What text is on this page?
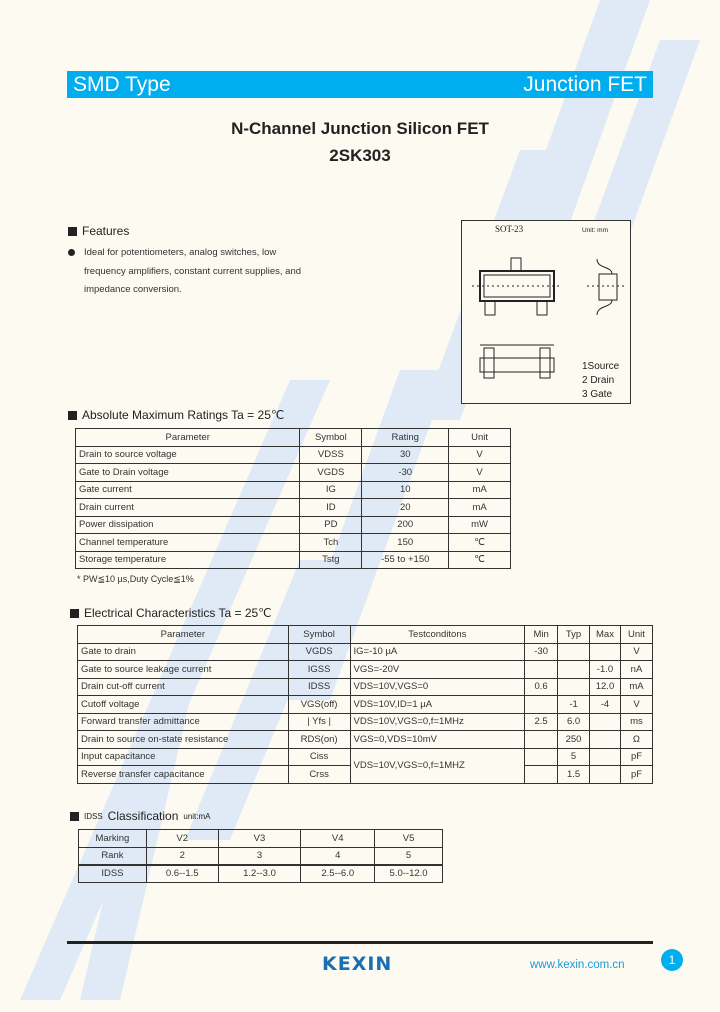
SMD Type	Junction FET
N-Channel Junction Silicon FET
2SK303
Features

Ideal for potentiometers, analog switches, low frequency amplifiers, constant current supplies, and impedance conversion.

SOT-23	Unit: mm
1Source
2 Drain
3 Gate
Absolute Maximum Ratings Ta = 25℃
Parameter	Symbol	Rating	Unit
Drain to source voltage	VDSS	30	V
Gate to Drain voltage	VGDS	-30	V
Gate current	IG	10	mA
Drain current	ID	20	mA
Power dissipation	PD	200	mW
Channel temperature	Tch	150	℃
Storage temperature	Tstg	-55 to +150	℃
* PW≦10 µs,Duty Cycle≦1%
Electrical Characteristics Ta = 25℃
Parameter	Symbol	Testconditons	Min	Typ	Max	Unit
Gate to drain	VGDS	IG=-10 µA	-30			V
Gate to source leakage current	IGSS	VGS=-20V			-1.0	nA
Drain cut-off current	IDSS	VDS=10V,VGS=0	0.6		12.0	mA
Cutoff voltage	VGS(off)	VDS=10V,ID=1 µA		-1	-4	V
Forward transfer admittance	| Yfs |	VDS=10V,VGS=0,f=1MHz	2.5	6.0		ms
Drain to source on-state resistance	RDS(on)	VGS=0,VDS=10mV		250		Ω
Input capacitance	Ciss	VDS=10V,VGS=0,f=1MHZ		5		pF
Reverse transfer capacitance	Crss			1.5		pF
IDSS Classification unit:mA
Marking	V2	V3	V4	V5
Rank	2	3	4	5
IDSS	0.6--1.5	1.2--3.0	2.5--6.0	5.0--12.0
KEXIN	www.kexin.com.cn	1
